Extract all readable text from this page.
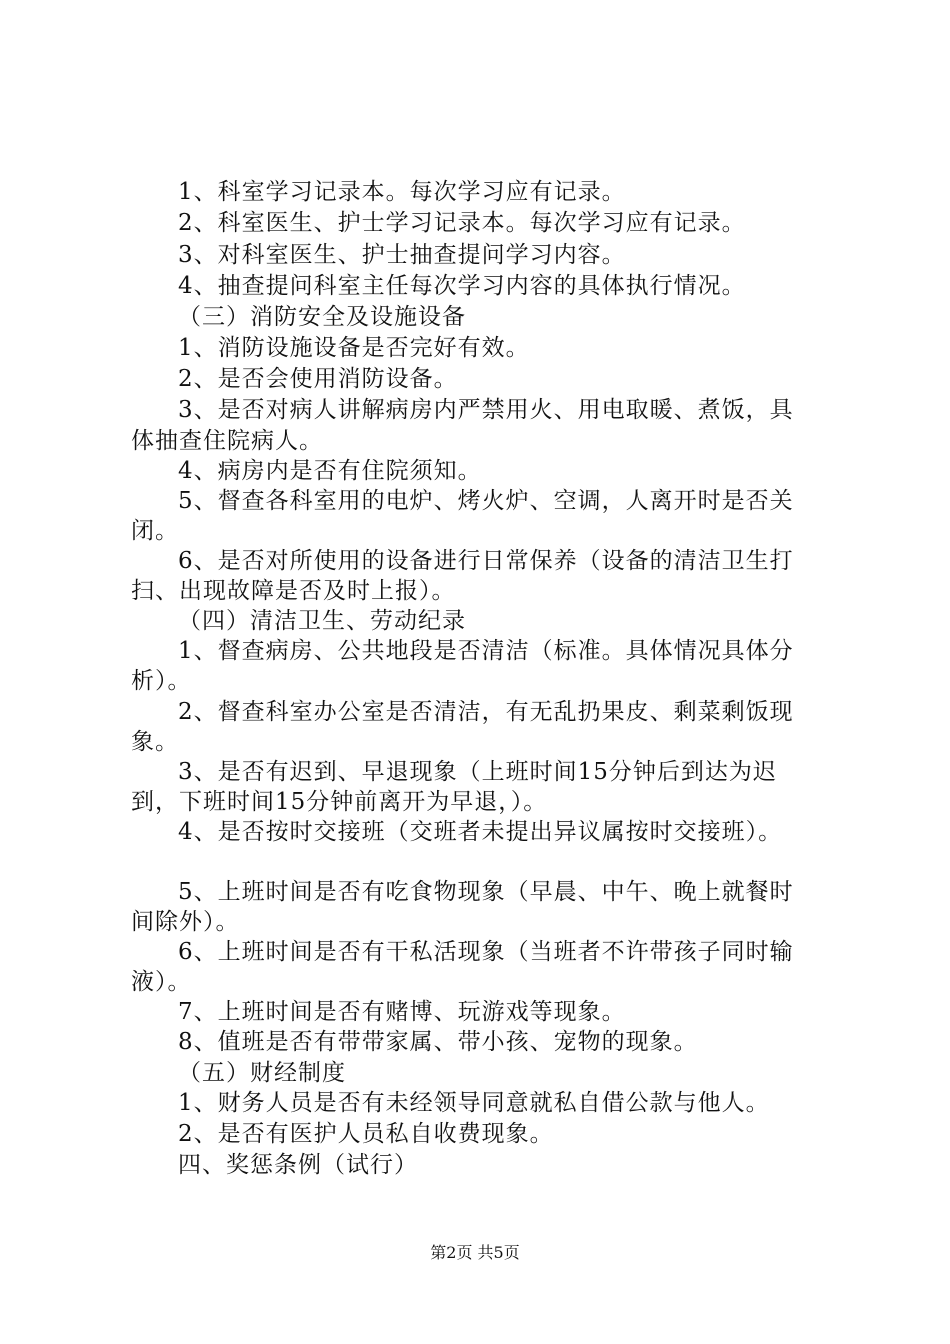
1、科室学习记录本。每次学习应有记录。
2、科室医生、护士学习记录本。每次学习应有记录。
3、对科室医生、护士抽查提问学习内容。
4、抽查提问科室主任每次学习内容的具体执行情况。
（三）消防安全及设施设备
1、消防设施设备是否完好有效。
2、是否会使用消防设备。
3、是否对病人讲解病房内严禁用火、用电取暖、煮饭，具
体抽查住院病人。
4、病房内是否有住院须知。
5、督查各科室用的电炉、烤火炉、空调，人离开时是否关
闭。
6、是否对所使用的设备进行日常保养（设备的清洁卫生打
扫、出现故障是否及时上报）。
（四）清洁卫生、劳动纪录
1、督查病房、公共地段是否清洁（标准。具体情况具体分
析）。
2、督查科室办公室是否清洁，有无乱扔果皮、剩菜剩饭现
象。
3、是否有迟到、早退现象（上班时间15分钟后到达为迟
到，下班时间15分钟前离开为早退，）。
4、是否按时交接班（交班者未提出异议属按时交接班）。
5、上班时间是否有吃食物现象（早晨、中午、晚上就餐时
间除外）。
6、上班时间是否有干私活现象（当班者不许带孩子同时输
液）。
7、上班时间是否有赌博、玩游戏等现象。
8、值班是否有带带家属、带小孩、宠物的现象。
（五）财经制度
1、财务人员是否有未经领导同意就私自借公款与他人。
2、是否有医护人员私自收费现象。
四、奖惩条例（试行）
第2页 共5页
